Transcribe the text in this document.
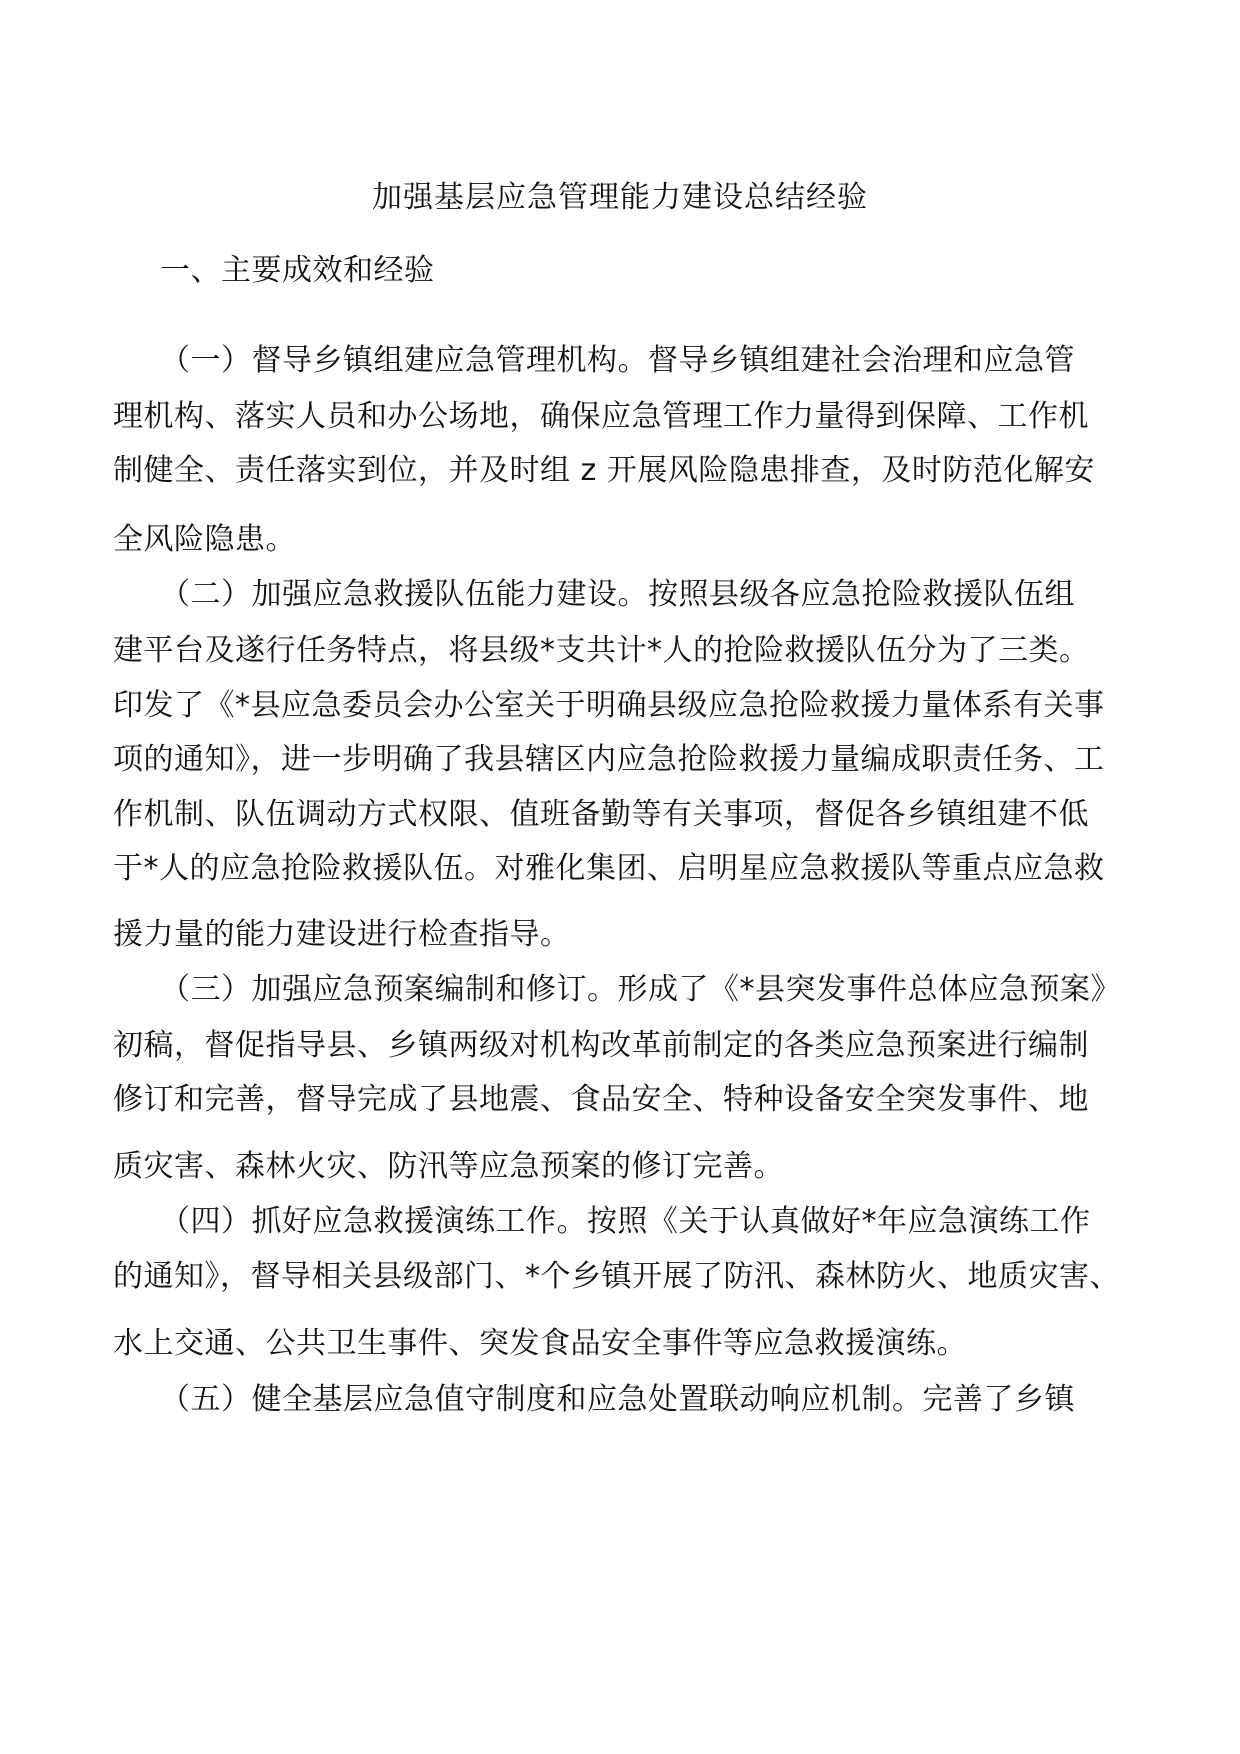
加强基层应急管理能力建设总结经验
一、主要成效和经验
（一）督导乡镇组建应急管理机构。督导乡镇组建社会治理和应急管
理机构、落实人员和办公场地，确保应急管理工作力量得到保障、工作机
制健全、责任落实到位，并及时组 z 开展风险隐患排查，及时防范化解安
全风险隐患。
（二）加强应急救援队伍能力建设。按照县级各应急抢险救援队伍组
建平台及遂行任务特点，将县级*支共计*人的抢险救援队伍分为了三类。
印发了《*县应急委员会办公室关于明确县级应急抢险救援力量体系有关事
项的通知》，进一步明确了我县辖区内应急抢险救援力量编成职责任务、工
作机制、队伍调动方式权限、值班备勤等有关事项，督促各乡镇组建不低
于*人的应急抢险救援队伍。对雅化集团、启明星应急救援队等重点应急救
援力量的能力建设进行检查指导。
（三）加强应急预案编制和修订。形成了《*县突发事件总体应急预案》
初稿，督促指导县、乡镇两级对机构改革前制定的各类应急预案进行编制
修订和完善，督导完成了县地震、食品安全、特种设备安全突发事件、地
质灾害、森林火灾、防汛等应急预案的修订完善。
（四）抓好应急救援演练工作。按照《关于认真做好*年应急演练工作
的通知》，督导相关县级部门、*个乡镇开展了防汛、森林防火、地质灾害、
水上交通、公共卫生事件、突发食品安全事件等应急救援演练。
（五）健全基层应急值守制度和应急处置联动响应机制。完善了乡镇
